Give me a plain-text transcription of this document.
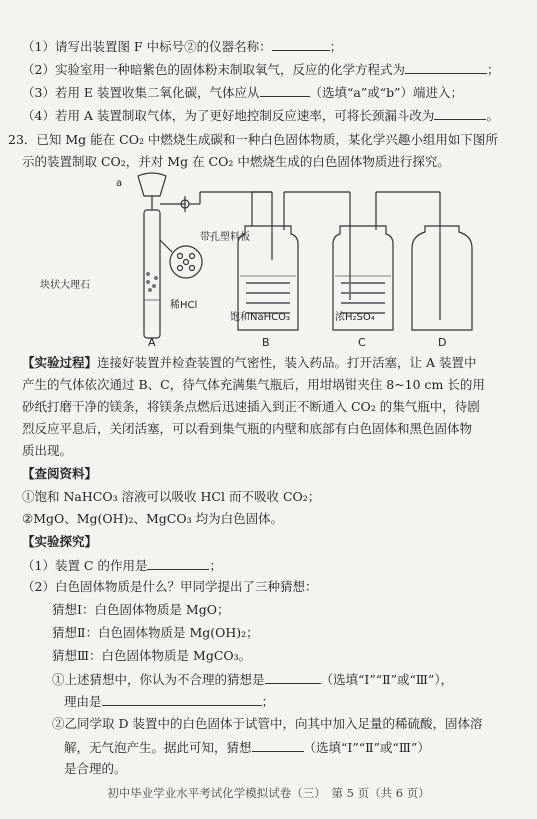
（1）请写出装置图 F 中标号②的仪器名称：	；
（2）实验室用一种暗紫色的固体粉末制取氧气，反应的化学方程式为	；
（3）若用 E 装置收集二氧化碳，气体应从	（选填“a”或“b”）端进入；
（4）若用 A 装置制取气体，为了更好地控制反应速率，可将长颈漏斗改为	。
23．已知 Mg 能在 CO₂ 中燃烧生成碳和一种白色固体物质，某化学兴趣小组用如下图所
示的装置制取 CO₂，并对 Mg 在 CO₂ 中燃烧生成的白色固体物质进行探究。
a
带孔塑料板
块状大理石
稀HCl
饱和NaHCO₃	浓H₂SO₄
A	B	C	D
【实验过程】连接好装置并检查装置的气密性，装入药品。打开活塞，让 A 装置中
产生的气体依次通过 B、C，待气体充满集气瓶后，用坩埚钳夹住 8~10 cm 长的用
砂纸打磨干净的镁条，将镁条点燃后迅速插入到正不断通入 CO₂ 的集气瓶中，待剧
烈反应平息后，关闭活塞，可以看到集气瓶的内壁和底部有白色固体和黑色固体物
质出现。
【查阅资料】
①饱和 NaHCO₃ 溶液可以吸收 HCl 而不吸收 CO₂；
②MgO、Mg(OH)₂、MgCO₃ 均为白色固体。
【实验探究】
（1）装置 C 的作用是	；
（2）白色固体物质是什么？甲同学提出了三种猜想：
猜想Ⅰ：白色固体物质是 MgO；
猜想Ⅱ：白色固体物质是 Mg(OH)₂；
猜想Ⅲ：白色固体物质是 MgCO₃。
①上述猜想中，你认为不合理的猜想是	（选填“Ⅰ”“Ⅱ”或“Ⅲ”），
理由是	；
②乙同学取 D 装置中的白色固体于试管中，向其中加入足量的稀硫酸，固体溶
解，无气泡产生。据此可知，猜想	（选填“Ⅰ”“Ⅱ”或“Ⅲ”）
是合理的。
初中毕业学业水平考试化学模拟试卷（三）　第 5 页（共 6 页）
